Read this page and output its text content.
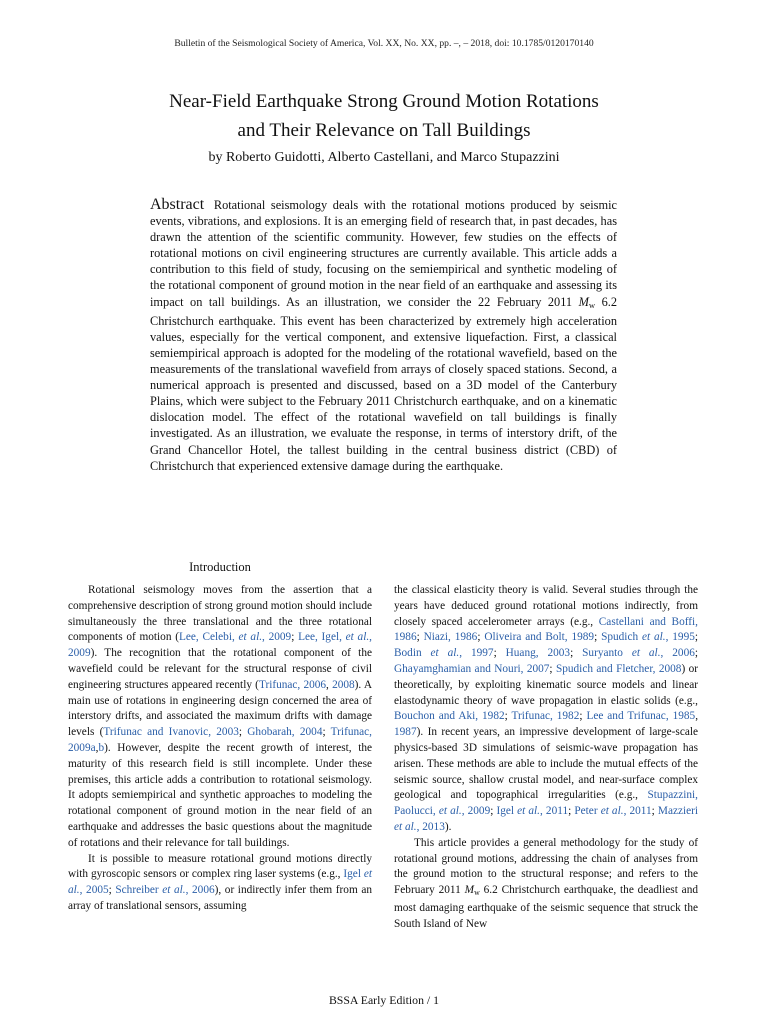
Bulletin of the Seismological Society of America, Vol. XX, No. XX, pp. –, – 2018, doi: 10.1785/0120170140
Near-Field Earthquake Strong Ground Motion Rotations
and Their Relevance on Tall Buildings
by Roberto Guidotti, Alberto Castellani, and Marco Stupazzini
Abstract Rotational seismology deals with the rotational motions produced by seismic events, vibrations, and explosions. It is an emerging field of research that, in past decades, has drawn the attention of the scientific community. However, few studies on the effects of rotational motions on civil engineering structures are currently available. This article adds a contribution to this field of study, focusing on the semiempirical and synthetic modeling of the rotational component of ground motion in the near field of an earthquake and assessing its impact on tall buildings. As an illustration, we consider the 22 February 2011 $M_w$ 6.2 Christchurch earthquake. This event has been characterized by extremely high acceleration values, especially for the vertical component, and extensive liquefaction. First, a classical semiempirical approach is adopted for the modeling of the rotational wavefield, based on the measurements of the translational wavefield from arrays of closely spaced stations. Second, a numerical approach is presented and discussed, based on a 3D model of the Canterbury Plains, which were subject to the February 2011 Christchurch earthquake, and on a kinematic dislocation model. The effect of the rotational wavefield on tall buildings is finally investigated. As an illustration, we evaluate the response, in terms of interstory drift, of the Grand Chancellor Hotel, the tallest building in the central business district (CBD) of Christchurch that experienced extensive damage during the earthquake.
Introduction

Rotational seismology moves from the assertion that a comprehensive description of strong ground motion should include simultaneously the three translational and the three rotational components of motion (Lee, Celebi, et al., 2009; Lee, Igel, et al., 2009). The recognition that the rotational component of the wavefield could be relevant for the structural response of civil engineering structures appeared recently (Trifunac, 2006, 2008). A main use of rotations in engineering design concerned the area of interstory drifts, and associated the maximum drifts with damage levels (Trifunac and Ivanovic, 2003; Ghobarah, 2004; Trifunac, 2009a,b). However, despite the recent growth of interest, the maturity of this research field is still incomplete. Under these premises, this article adds a contribution to rotational seismology. It adopts semiempirical and synthetic approaches to modeling the rotational component of ground motion in the near field of an earthquake and addresses the basic questions about the magnitude of rotations and their relevance for tall buildings.

It is possible to measure rotational ground motions directly with gyroscopic sensors or complex ring laser systems (e.g., Igel et al., 2005; Schreiber et al., 2006), or indirectly infer them from an array of translational sensors, assuming

the classical elasticity theory is valid. Several studies through the years have deduced ground rotational motions indirectly, from closely spaced accelerometer arrays (e.g., Castellani and Boffi, 1986; Niazi, 1986; Oliveira and Bolt, 1989; Spudich et al., 1995; Bodin et al., 1997; Huang, 2003; Suryanto et al., 2006; Ghayamghamian and Nouri, 2007; Spudich and Fletcher, 2008) or theoretically, by exploiting kinematic source models and linear elastodynamic theory of wave propagation in elastic solids (e.g., Bouchon and Aki, 1982; Trifunac, 1982; Lee and Trifunac, 1985, 1987). In recent years, an impressive development of large-scale physics-based 3D simulations of seismic-wave propagation has arisen. These methods are able to include the mutual effects of the seismic source, shallow crustal model, and near-surface complex geological and topographical irregularities (e.g., Stupazzini, Paolucci, et al., 2009; Igel et al., 2011; Peter et al., 2011; Mazzieri et al., 2013).

This article provides a general methodology for the study of rotational ground motions, addressing the chain of analyses from the ground motion to the structural response; and refers to the February 2011 $M_w$ 6.2 Christchurch earthquake, the deadliest and most damaging earthquake of the seismic sequence that struck the South Island of New

BSSA Early Edition / 1
